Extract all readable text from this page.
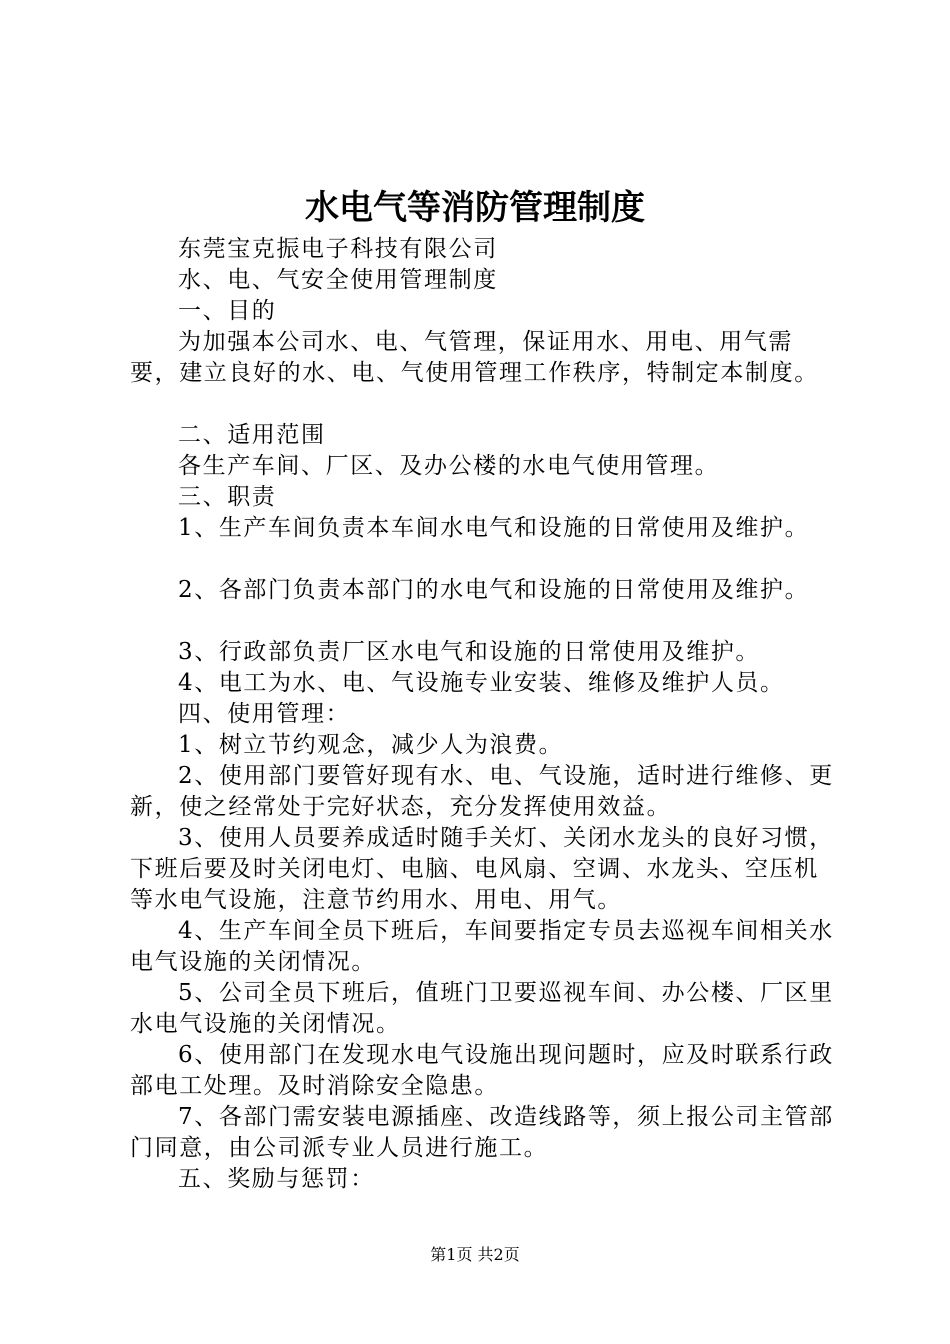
水电气等消防管理制度

东莞宝克振电子科技有限公司

水、电、气安全使用管理制度

一、目的

为加强本公司水、电、气管理，保证用水、用电、用气需要，建立良好的水、电、气使用管理工作秩序，特制定本制度。

二、适用范围

各生产车间、厂区、及办公楼的水电气使用管理。

三、职责

1、生产车间负责本车间水电气和设施的日常使用及维护。

2、各部门负责本部门的水电气和设施的日常使用及维护。

3、行政部负责厂区水电气和设施的日常使用及维护。

4、电工为水、电、气设施专业安装、维修及维护人员。

四、使用管理：

1、树立节约观念，减少人为浪费。

2、使用部门要管好现有水、电、气设施，适时进行维修、更新，使之经常处于完好状态，充分发挥使用效益。

3、使用人员要养成适时随手关灯、关闭水龙头的良好习惯，下班后要及时关闭电灯、电脑、电风扇、空调、水龙头、空压机等水电气设施，注意节约用水、用电、用气。

4、生产车间全员下班后，车间要指定专员去巡视车间相关水电气设施的关闭情况。

5、公司全员下班后，值班门卫要巡视车间、办公楼、厂区里水电气设施的关闭情况。

6、使用部门在发现水电气设施出现问题时，应及时联系行政部电工处理。及时消除安全隐患。

7、各部门需安装电源插座、改造线路等，须上报公司主管部门同意，由公司派专业人员进行施工。

五、奖励与惩罚：

第1页 共2页
